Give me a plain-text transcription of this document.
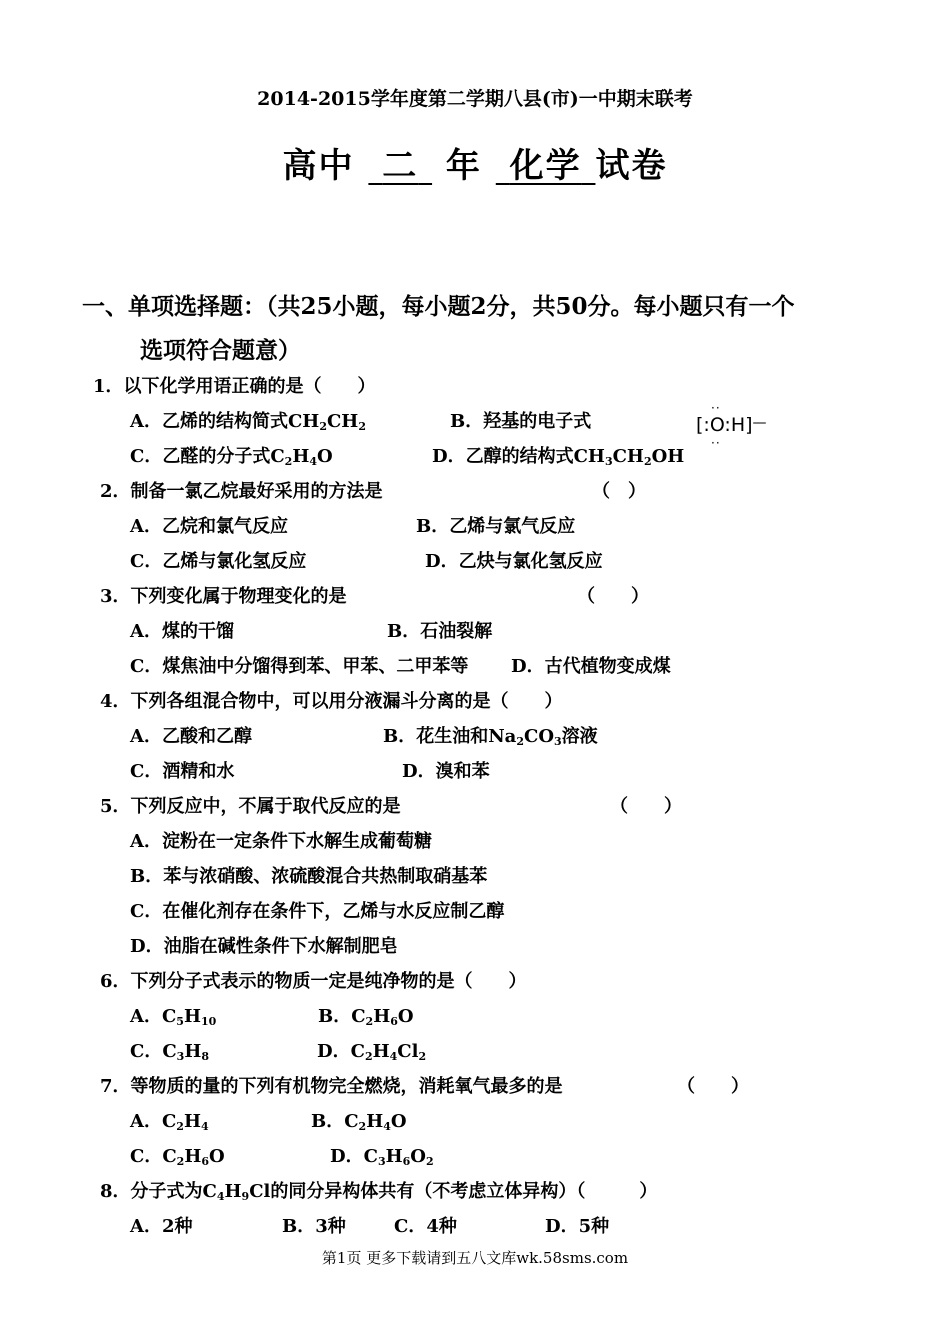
2014-2015学年度第二学期八县(市)一中期末联考
高中 二 年 化学 试卷
一、单项选择题：（共25小题，每小题2分，共50分。每小题只有一个
选项符合题意）
1．以下化学用语正确的是（　　）
A．乙烯的结构简式$CH_2CH_2$	B．羟基的电子式
··
[:O:H]—
··
C．乙醛的分子式$C_2H_4O$	D．乙醇的结构式$CH_3CH_2OH$
2．制备一氯乙烷最好采用的方法是	（　）
A．乙烷和氯气反应	B．乙烯与氯气反应
C．乙烯与氯化氢反应	D．乙炔与氯化氢反应
3．下列变化属于物理变化的是	（　　）
A．煤的干馏	B．石油裂解
C．煤焦油中分馏得到苯、甲苯、二甲苯等 D．古代植物变成煤
4．下列各组混合物中，可以用分液漏斗分离的是（　　）
A．乙酸和乙醇	B．花生油和$Na_2CO_3$溶液
C．酒精和水	D．溴和苯
5．下列反应中，不属于取代反应的是	（　　）
A．淀粉在一定条件下水解生成葡萄糖
B．苯与浓硝酸、浓硫酸混合共热制取硝基苯
C．在催化剂存在条件下，乙烯与水反应制乙醇
D．油脂在碱性条件下水解制肥皂
6．下列分子式表示的物质一定是纯净物的是（　　）
A．$C_5H_{10}$	B．$C_2H_6O$
C．$C_3H_8$	D．$C_2H_4Cl_2$
7．等物质的量的下列有机物完全燃烧，消耗氧气最多的是	（　　）
A．$C_2H_4$	B．$C_2H_4O$
C．$C_2H_6O$	D．$C_3H_6O_2$
8．分子式为$C_4H_9Cl$的同分异构体共有（不考虑立体异构）（　　　）
A．2种	B．3种	C．4种	D．5种
第1页 更多下载请到五八文库wk.58sms.com
